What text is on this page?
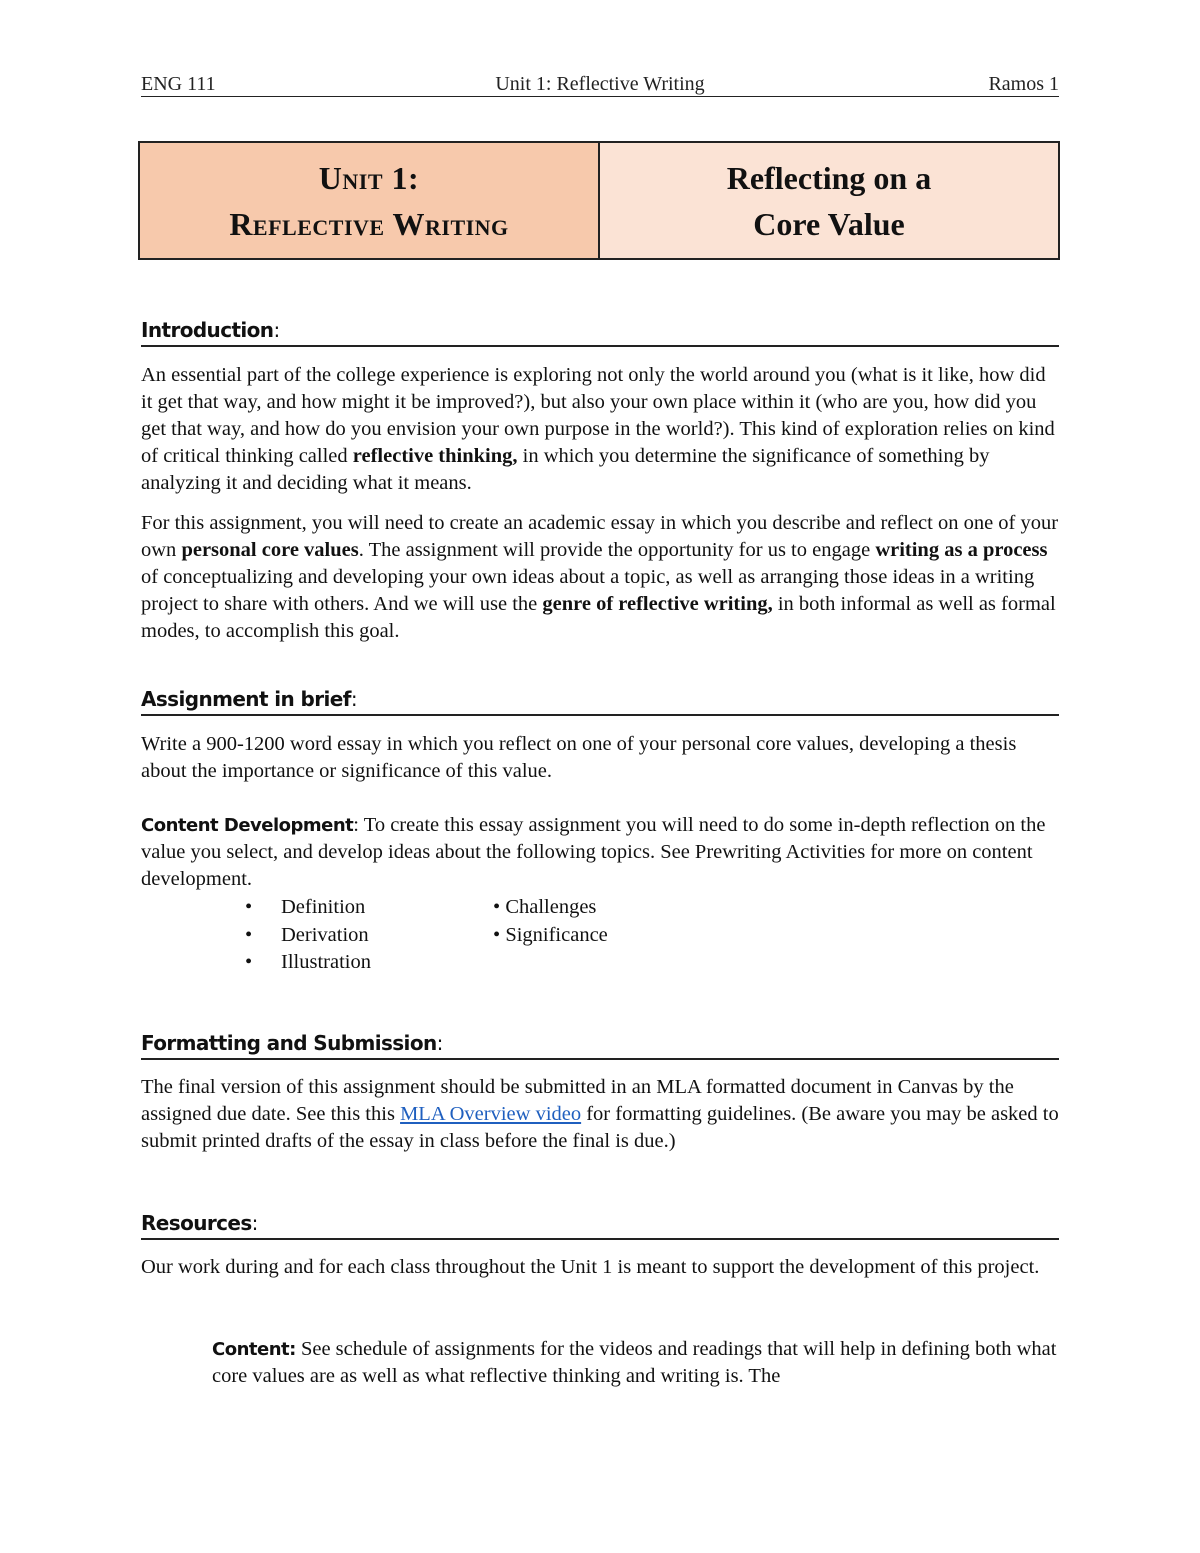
ENG 111	Unit 1: Reflective Writing	Ramos 1
Unit 1:
Reflective Writing
Reflecting on a
Core Value
Introduction:

An essential part of the college experience is exploring not only the world around you (what is it like, how did it get that way, and how might it be improved?), but also your own place within it (who are you, how did you get that way, and how do you envision your own purpose in the world?). This kind of exploration relies on kind of critical thinking called reflective thinking, in which you determine the significance of something by analyzing it and deciding what it means.

For this assignment, you will need to create an academic essay in which you describe and reflect on one of your own personal core values. The assignment will provide the opportunity for us to engage writing as a process of conceptualizing and developing your own ideas about a topic, as well as arranging those ideas in a writing project to share with others. And we will use the genre of reflective writing, in both informal as well as formal modes, to accomplish this goal.

Assignment in brief:

Write a 900-1200 word essay in which you reflect on one of your personal core values, developing a thesis about the importance or significance of this value.

Content Development: To create this essay assignment you will need to do some in-depth reflection on the value you select, and develop ideas about the following topics. See Prewriting Activities for more on content development.

• Definition
• Derivation
• Illustration
• Challenges
• Significance
Formatting and Submission:

The final version of this assignment should be submitted in an MLA formatted document in Canvas by the assigned due date. See this this MLA Overview video for formatting guidelines. (Be aware you may be asked to submit printed drafts of the essay in class before the final is due.)

Resources:

Our work during and for each class throughout the Unit 1 is meant to support the development of this project.

Content: See schedule of assignments for the videos and readings that will help in defining both what core values are as well as what reflective thinking and writing is. The
